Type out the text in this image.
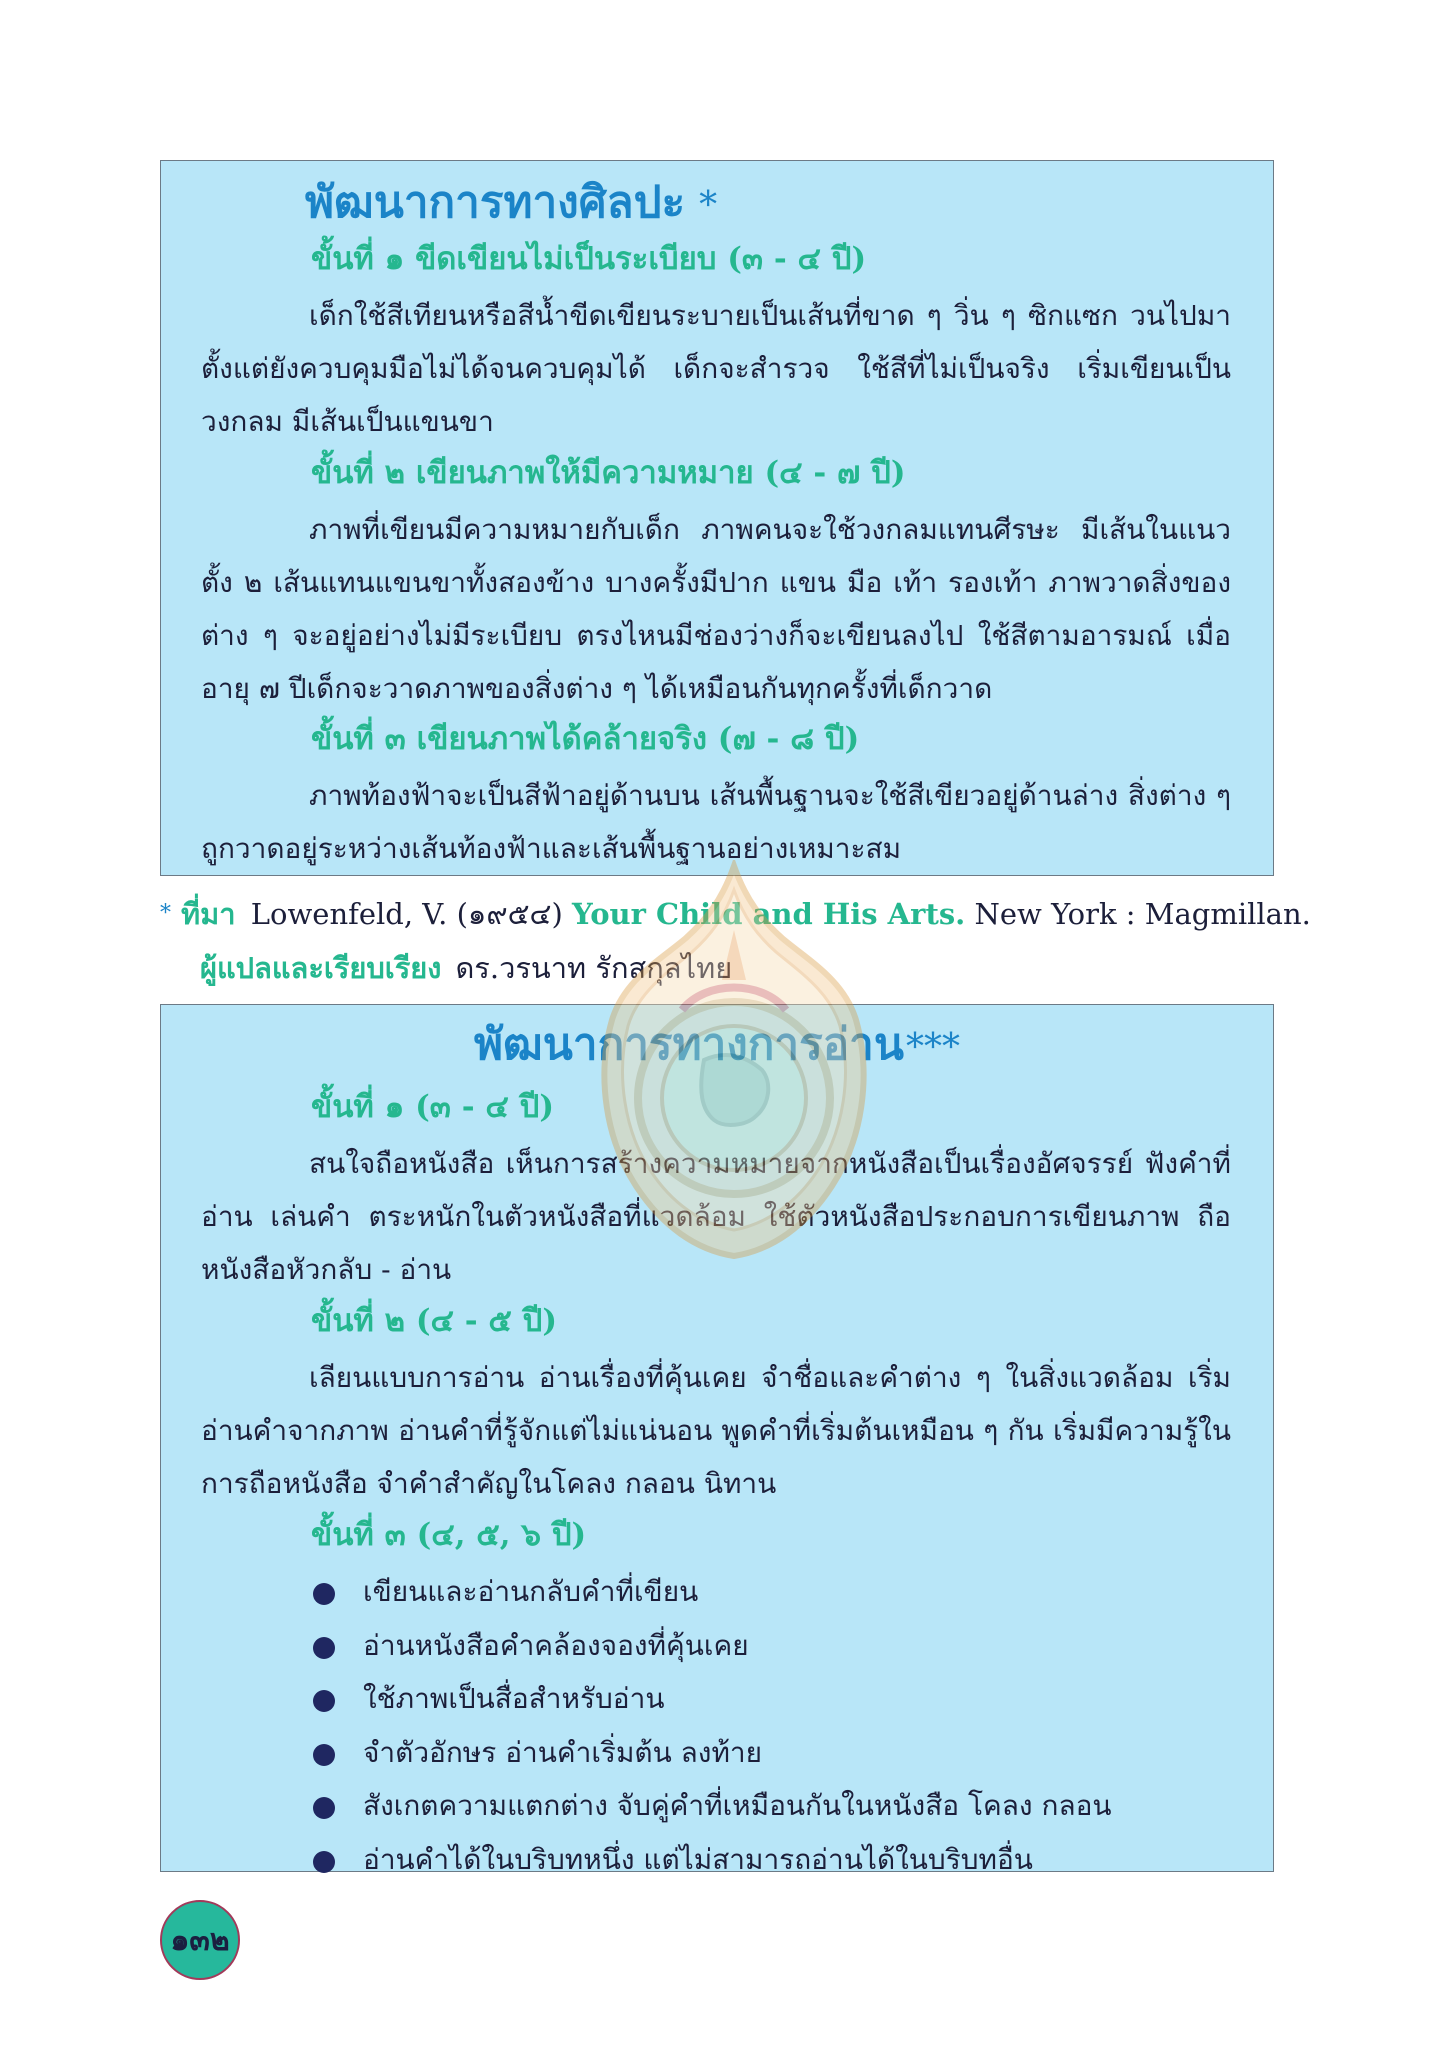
พัฒนาการทางศิลปะ *
ขั้นที่ ๑ ขีดเขียนไม่เป็นระเบียบ (๓ - ๔ ปี)

เด็กใช้สีเทียนหรือสีน้ำขีดเขียนระบายเป็นเส้นที่ขาด ๆ วิ่น ๆ ซิกแซก วนไปมา ตั้งแต่ยังควบคุมมือไม่ได้จนควบคุมได้ เด็กจะสำรวจ ใช้สีที่ไม่เป็นจริง เริ่มเขียนเป็นวงกลม มีเส้นเป็นแขนขา

ขั้นที่ ๒ เขียนภาพให้มีความหมาย (๔ - ๗ ปี)

ภาพที่เขียนมีความหมายกับเด็ก ภาพคนจะใช้วงกลมแทนศีรษะ มีเส้นในแนวตั้ง ๒ เส้นแทนแขนขาทั้งสองข้าง บางครั้งมีปาก แขน มือ เท้า รองเท้า ภาพวาดสิ่งของต่าง ๆ จะอยู่อย่างไม่มีระเบียบ ตรงไหนมีช่องว่างก็จะเขียนลงไป ใช้สีตามอารมณ์ เมื่ออายุ ๗ ปีเด็กจะวาดภาพของสิ่งต่าง ๆ ได้เหมือนกันทุกครั้งที่เด็กวาด

ขั้นที่ ๓ เขียนภาพได้คล้ายจริง (๗ - ๘ ปี)

ภาพท้องฟ้าจะเป็นสีฟ้าอยู่ด้านบน เส้นพื้นฐานจะใช้สีเขียวอยู่ด้านล่าง สิ่งต่าง ๆ ถูกวาดอยู่ระหว่างเส้นท้องฟ้าและเส้นพื้นฐานอย่างเหมาะสม

* ที่มา Lowenfeld, V. (๑๙๕๔) Your Child and His Arts. New York : Magmillan.

ผู้แปลและเรียบเรียง ดร.วรนาท รักสกุลไทย

พัฒนาการทางการอ่าน***
ขั้นที่ ๑ (๓ - ๔ ปี)

สนใจถือหนังสือ เห็นการสร้างความหมายจากหนังสือเป็นเรื่องอัศจรรย์ ฟังคำที่อ่าน เล่นคำ ตระหนักในตัวหนังสือที่แวดล้อม ใช้ตัวหนังสือประกอบการเขียนภาพ ถือหนังสือหัวกลับ - อ่าน

ขั้นที่ ๒ (๔ - ๕ ปี)

เลียนแบบการอ่าน อ่านเรื่องที่คุ้นเคย จำชื่อและคำต่าง ๆ ในสิ่งแวดล้อม เริ่มอ่านคำจากภาพ อ่านคำที่รู้จักแต่ไม่แน่นอน พูดคำที่เริ่มต้นเหมือน ๆ กัน เริ่มมีความรู้ในการถือหนังสือ จำคำสำคัญในโคลง กลอน นิทาน

ขั้นที่ ๓ (๔, ๕, ๖ ปี)
เขียนและอ่านกลับคำที่เขียน
อ่านหนังสือคำคล้องจองที่คุ้นเคย
ใช้ภาพเป็นสื่อสำหรับอ่าน
จำตัวอักษร อ่านคำเริ่มต้น ลงท้าย
สังเกตความแตกต่าง จับคู่คำที่เหมือนกันในหนังสือ โคลง กลอน
อ่านคำได้ในบริบทหนึ่ง แต่ไม่สามารถอ่านได้ในบริบทอื่น
๑๓๒
